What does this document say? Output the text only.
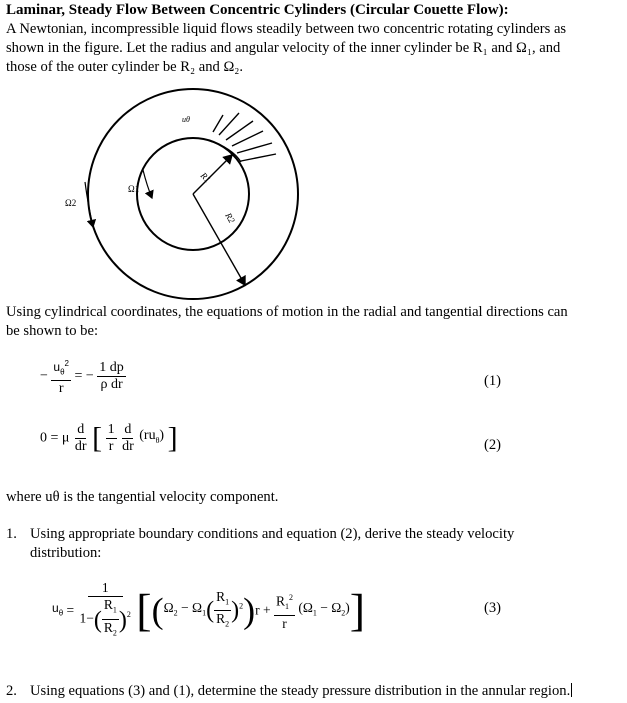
Laminar, Steady Flow Between Concentric Cylinders (Circular Couette Flow):
A Newtonian, incompressible liquid flows steadily between two concentric rotating cylinders as
shown in the figure. Let the radius and angular velocity of the inner cylinder be R₁ and Ω₁, and
those of the outer cylinder be R₂ and Ω₂.
R1
R2
uθ
Ω1
Ω2
Using cylindrical coordinates, the equations of motion in the radial and tangential directions can
be shown to be:
− $\frac{u_\theta^2}{r}$ = − $\frac{1 dp}{\text{ρ dr}}$	(1)
0 = μ $\frac{d}{dr}$ [ $\frac{1}{r}$
$\frac{d}{dr} (ru_\theta)$ ]	(2)
where uθ is the tangential velocity component.
1. Using appropriate boundary conditions and equation (2), derive the steady velocity
distribution:
$u_\theta = \frac{1}{1-( \frac{R_1}{R_2} )^2} [(\Omega_2 - \Omega_1( \frac{R_1}{R_2} )^2)r + \frac{R_1^2}{r} (\Omega_1 - \Omega_2)]$	(3)
2. Using equations (3) and (1), determine the steady pressure distribution in the annular region.
